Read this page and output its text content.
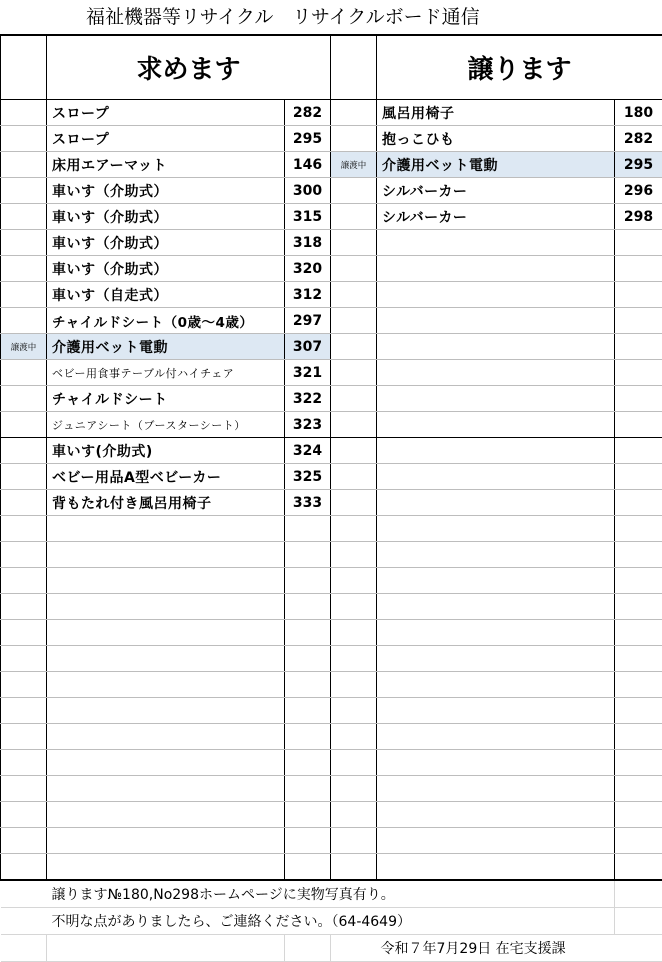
福祉機器等リサイクル　リサイクルボード通信
	求めます			譲ります	
	スロープ	282		風呂用椅子	180
	スロープ	295		抱っこひも	282
	床用エアーマット	146	譲渡中	介護用ベット電動	295
	車いす（介助式）	300		シルバーカー	296
	車いす（介助式）	315		シルバーカー	298
	車いす（介助式）	318			
	車いす（介助式）	320			
	車いす（自走式）	312			
	チャイルドシート（0歳～4歳）	297			
譲渡中	介護用ベット電動	307			
	ベビー用食事テーブル付ハイチェア	321			
	チャイルドシート	322			
	ジュニアシート（ブースターシート）	323			
	車いす(介助式)	324			
	ベビー用品A型ベビーカー	325			
	背もたれ付き風呂用椅子	333			

	譲ります№180,No298ホームページに実物写真有り。				
	不明な点がありましたら、ご連絡ください。（64-4649）				
				令和７年7月29日 在宅支援課	
